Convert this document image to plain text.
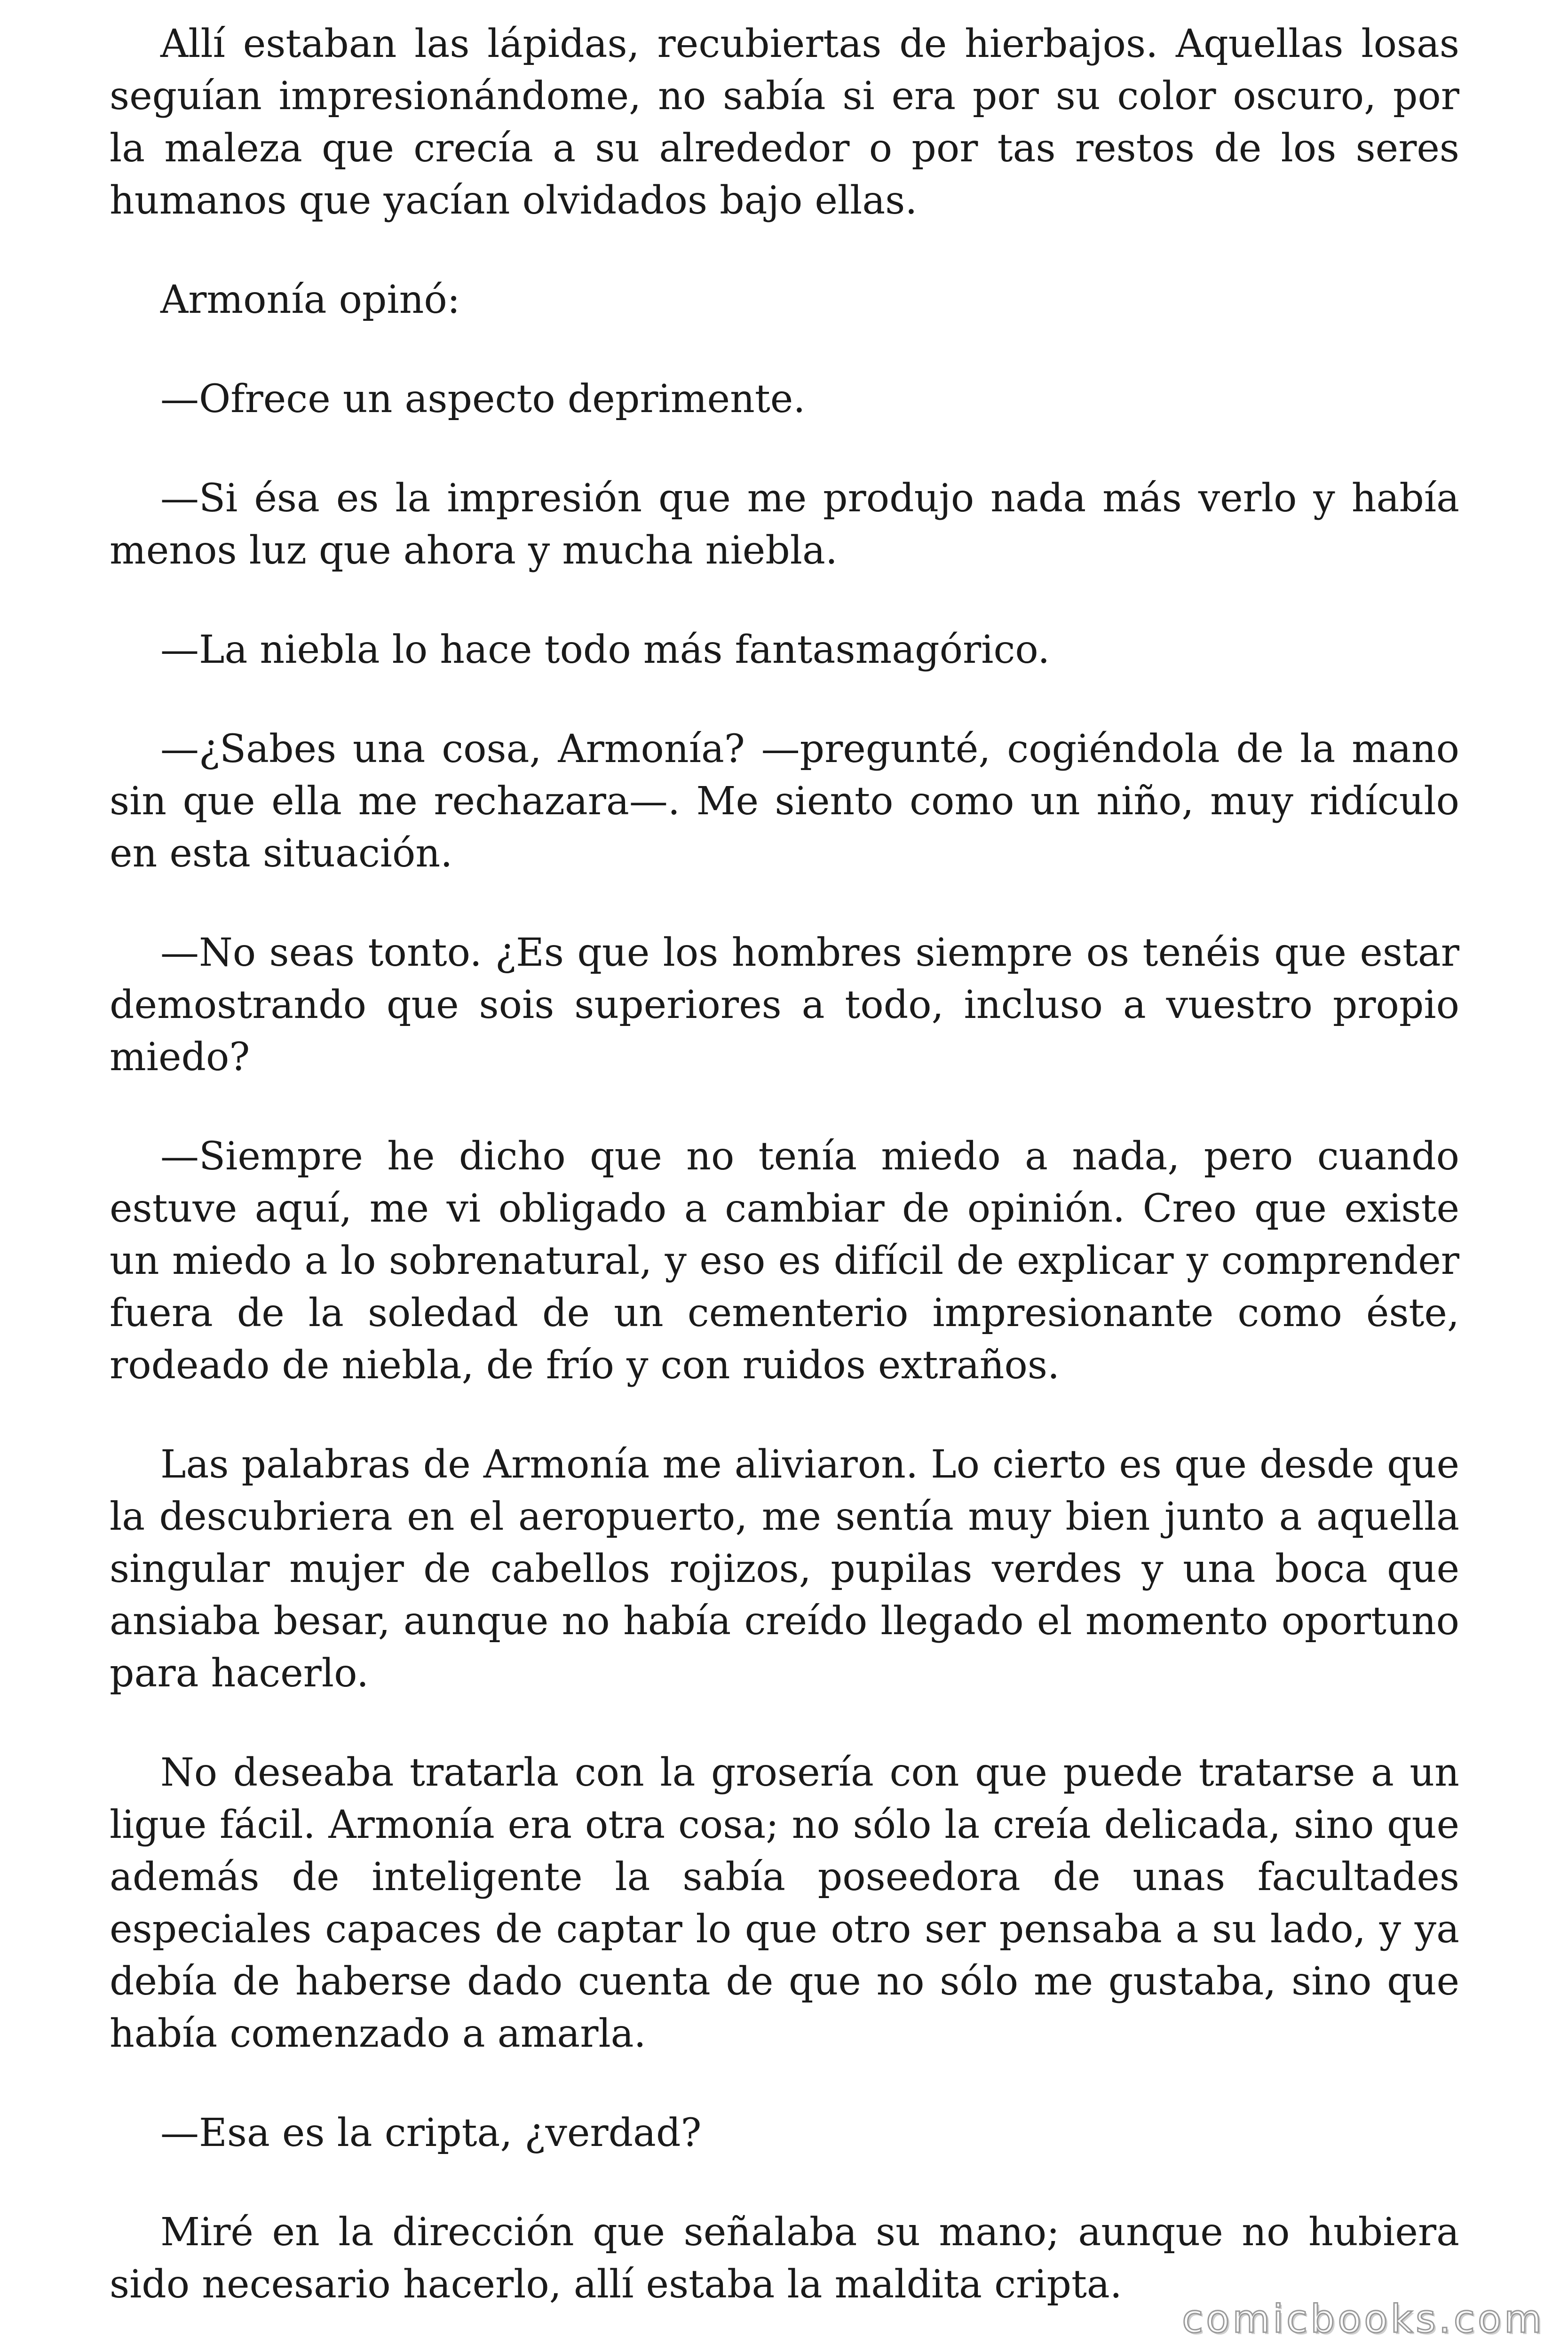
Allí estaban las lápidas, recubiertas de hierbajos. Aquellas losas seguían impresionándome, no sabía si era por su color oscuro, por la maleza que crecía a su alrededor o por tas restos de los seres humanos que yacían olvidados bajo ellas.

Armonía opinó:

—Ofrece un aspecto deprimente.

—Si ésa es la impresión que me produjo nada más verlo y había menos luz que ahora y mucha niebla.

—La niebla lo hace todo más fantasmagórico.

—¿Sabes una cosa, Armonía? —pregunté, cogiéndola de la mano sin que ella me rechazara—. Me siento como un niño, muy ridículo en esta situación.

—No seas tonto. ¿Es que los hombres siempre os tenéis que estar demostrando que sois superiores a todo, incluso a vuestro propio miedo?

—Siempre he dicho que no tenía miedo a nada, pero cuando estuve aquí, me vi obligado a cambiar de opinión. Creo que existe un miedo a lo sobrenatural, y eso es difícil de explicar y comprender fuera de la soledad de un cementerio impresionante como éste, rodeado de niebla, de frío y con ruidos extraños.

Las palabras de Armonía me aliviaron. Lo cierto es que desde que la descubriera en el aeropuerto, me sentía muy bien junto a aquella singular mujer de cabellos rojizos, pupilas verdes y una boca que ansiaba besar, aunque no había creído llegado el momento oportuno para hacerlo.

No deseaba tratarla con la grosería con que puede tratarse a un ligue fácil. Armonía era otra cosa; no sólo la creía delicada, sino que además de inteligente la sabía poseedora de unas facultades especiales capaces de captar lo que otro ser pensaba a su lado, y ya debía de haberse dado cuenta de que no sólo me gustaba, sino que había comenzado a amarla.

—Esa es la cripta, ¿verdad?

Miré en la dirección que señalaba su mano; aunque no hubiera sido necesario hacerlo, allí estaba la maldita cripta.

comicbooks.com
